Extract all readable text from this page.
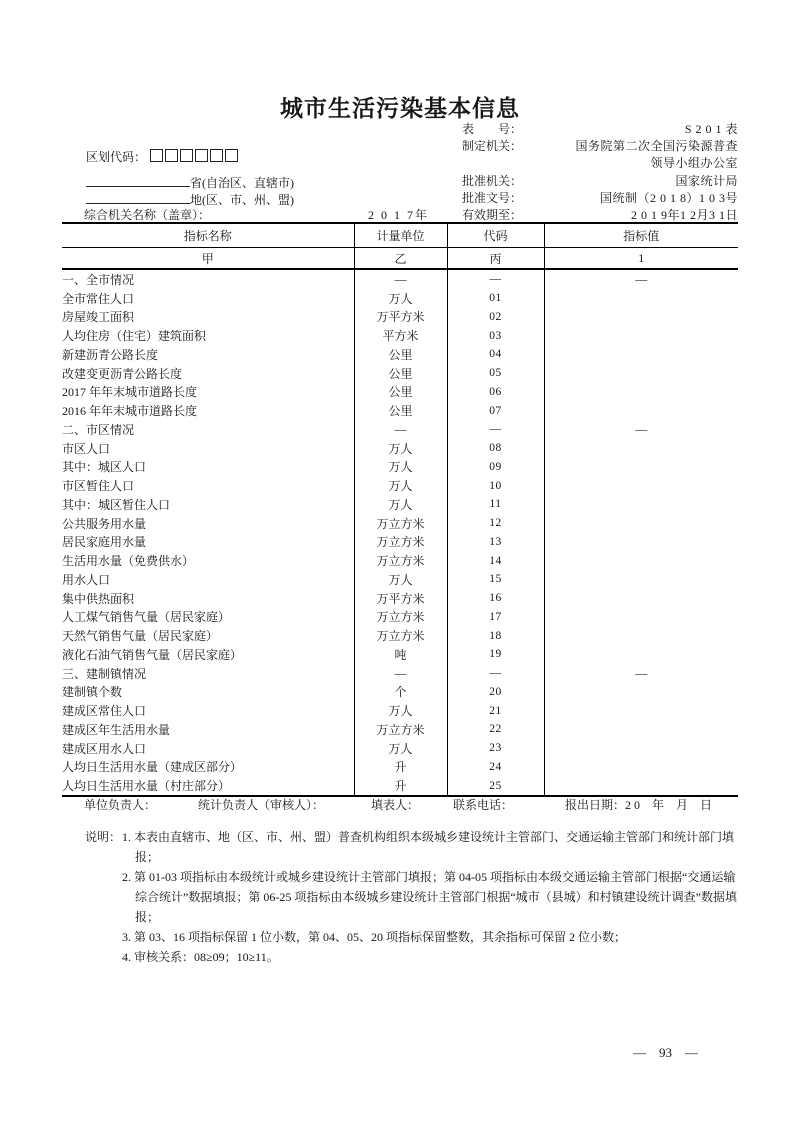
城市生活污染基本信息
区划代码：
省(自治区、直辖市)
地(区、市、州、盟)
综合机关名称（盖章）：	2 0 1 7年
表　　号：	S 2 0 1 表
制定机关：	国务院第二次全国污染源普查
领导小组办公室
批准机关：	国家统计局
批准文号：	国统制（2 0 1 8）1 0 3号
有效期至：	2 0 1 9年1 2月3 1日
指标名称	计量单位	代码	指标值
甲	乙	丙	1
一、全市情况	—	—	—
全市常住人口	万人	01	
房屋竣工面积	万平方米	02	
人均住房（住宅）建筑面积	平方米	03	
新建沥青公路长度	公里	04	
改建变更沥青公路长度	公里	05	
2017 年年末城市道路长度	公里	06	
2016 年年末城市道路长度	公里	07	
二、市区情况	—	—	—
市区人口	万人	08	
其中：城区人口	万人	09	
市区暂住人口	万人	10	
其中：城区暂住人口	万人	11	
公共服务用水量	万立方米	12	
居民家庭用水量	万立方米	13	
生活用水量（免费供水）	万立方米	14	
用水人口	万人	15	
集中供热面积	万平方米	16	
人工煤气销售气量（居民家庭）	万立方米	17	
天然气销售气量（居民家庭）	万立方米	18	
液化石油气销售气量（居民家庭）	吨	19	
三、建制镇情况	—	—	—
建制镇个数	个	20	
建成区常住人口	万人	21	
建成区年生活用水量	万立方米	22	
建成区用水人口	万人	23	
人均日生活用水量（建成区部分）	升	24	
人均日生活用水量（村庄部分）	升	25	
单位负责人：	统计负责人（审核人）：	填表人：	联系电话：	报出日期：2 0　年　月　日
说明： 1. 本表由直辖市、地（区、市、州、盟）普查机构组织本级城乡建设统计主管部门、交通运输主管部门和统计部门填报；
2. 第 01-03 项指标由本级统计或城乡建设统计主管部门填报；第 04-05 项指标由本级交通运输主管部门根据“交通运输综合统计”数据填报；第 06-25 项指标由本级城乡建设统计主管部门根据“城市（县城）和村镇建设统计调查”数据填报；
3. 第 03、16 项指标保留 1 位小数，第 04、05、20 项指标保留整数，其余指标可保留 2 位小数；
4. 审核关系：08≥09；10≥11。
— 93 —
